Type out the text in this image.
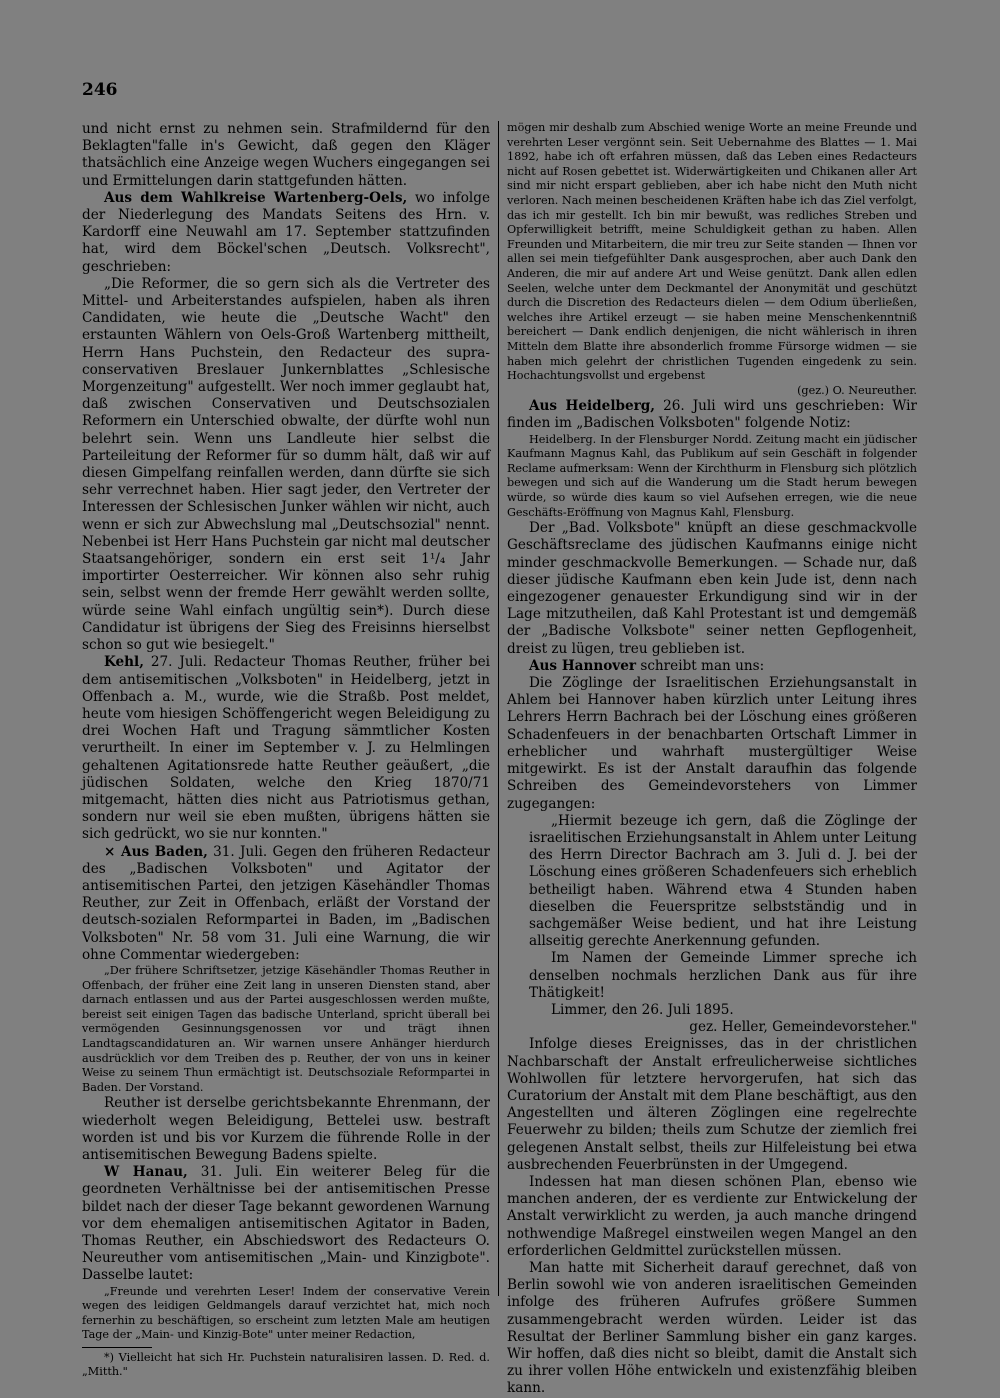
246

und nicht ernst zu nehmen sein. Strafmildernd für den Beklagten"falle in's Gewicht, daß gegen den Kläger thatsächlich eine Anzeige wegen Wuchers eingegangen sei und Ermittelungen darin stattgefunden hätten.

Aus dem Wahlkreise Wartenberg-Oels, wo infolge der Niederlegung des Mandats Seitens des Hrn. v. Kardorff eine Neuwahl am 17. September stattzufinden hat, wird dem Böckel'schen „Deutsch. Volksrecht", geschrieben:

„Die Reformer, die so gern sich als die Vertreter des Mittel- und Arbeiterstandes aufspielen, haben als ihren Candidaten, wie heute die „Deutsche Wacht" den erstaunten Wählern von Oels-Groß Wartenberg mittheilt, Herrn Hans Puchstein, den Redacteur des supra-conservativen Breslauer Junkernblattes „Schlesische Morgenzeitung" aufgestellt. Wer noch immer geglaubt hat, daß zwischen Conservativen und Deutschsozialen Reformern ein Unterschied obwalte, der dürfte wohl nun belehrt sein. Wenn uns Landleute hier selbst die Parteileitung der Reformer für so dumm hält, daß wir auf diesen Gimpelfang reinfallen werden, dann dürfte sie sich sehr verrechnet haben. Hier sagt jeder, den Vertreter der Interessen der Schlesischen Junker wählen wir nicht, auch wenn er sich zur Abwechslung mal „Deutschsozial" nennt. Nebenbei ist Herr Hans Puchstein gar nicht mal deutscher Staatsangehöriger, sondern ein erst seit 1¹/₄ Jahr importirter Oesterreicher. Wir können also sehr ruhig sein, selbst wenn der fremde Herr gewählt werden sollte, würde seine Wahl einfach ungültig sein*). Durch diese Candidatur ist übrigens der Sieg des Freisinns hierselbst schon so gut wie besiegelt."

Kehl, 27. Juli. Redacteur Thomas Reuther, früher bei dem antisemitischen „Volksboten" in Heidelberg, jetzt in Offenbach a. M., wurde, wie die Straßb. Post meldet, heute vom hiesigen Schöffengericht wegen Beleidigung zu drei Wochen Haft und Tragung sämmtlicher Kosten verurtheilt. In einer im September v. J. zu Helmlingen gehaltenen Agitationsrede hatte Reuther geäußert, „die jüdischen Soldaten, welche den Krieg 1870/71 mitgemacht, hätten dies nicht aus Patriotismus gethan, sondern nur weil sie eben mußten, übrigens hätten sie sich gedrückt, wo sie nur konnten."

× Aus Baden, 31. Juli. Gegen den früheren Redacteur des „Badischen Volksboten" und Agitator der antisemitischen Partei, den jetzigen Käsehändler Thomas Reuther, zur Zeit in Offenbach, erläßt der Vorstand der deutsch-sozialen Reformpartei in Baden, im „Badischen Volksboten" Nr. 58 vom 31. Juli eine Warnung, die wir ohne Commentar wiedergeben:

„Der frühere Schriftsetzer, jetzige Käsehändler Thomas Reuther in Offenbach, der früher eine Zeit lang in unseren Diensten stand, aber darnach entlassen und aus der Partei ausgeschlossen werden mußte, bereist seit einigen Tagen das badische Unterland, spricht überall bei vermögenden Gesinnungsgenossen vor und trägt ihnen Landtagscandidaturen an. Wir warnen unsere Anhänger hierdurch ausdrücklich vor dem Treiben des p. Reuther, der von uns in keiner Weise zu seinem Thun ermächtigt ist. Deutschsoziale Reformpartei in Baden. Der Vorstand.

Reuther ist derselbe gerichtsbekannte Ehrenmann, der wiederholt wegen Beleidigung, Bettelei usw. bestraft worden ist und bis vor Kurzem die führende Rolle in der antisemitischen Bewegung Badens spielte.

W Hanau, 31. Juli. Ein weiterer Beleg für die geordneten Verhältnisse bei der antisemitischen Presse bildet nach der dieser Tage bekannt gewordenen Warnung vor dem ehemaligen antisemitischen Agitator in Baden, Thomas Reuther, ein Abschiedswort des Redacteurs O. Neureuther vom antisemitischen „Main- und Kinzigbote". Dasselbe lautet:

„Freunde und verehrten Leser! Indem der conservative Verein wegen des leidigen Geldmangels darauf verzichtet hat, mich noch fernerhin zu beschäftigen, so erscheint zum letzten Male am heutigen Tage der „Main- und Kinzig-Bote" unter meiner Redaction,

*) Vielleicht hat sich Hr. Puchstein naturalisiren lassen. D. Red. d. „Mitth."

mögen mir deshalb zum Abschied wenige Worte an meine Freunde und verehrten Leser vergönnt sein. Seit Uebernahme des Blattes — 1. Mai 1892, habe ich oft erfahren müssen, daß das Leben eines Redacteurs nicht auf Rosen gebettet ist. Widerwärtigkeiten und Chikanen aller Art sind mir nicht erspart geblieben, aber ich habe nicht den Muth nicht verloren. Nach meinen bescheidenen Kräften habe ich das Ziel verfolgt, das ich mir gestellt. Ich bin mir bewußt, was redliches Streben und Opferwilligkeit betrifft, meine Schuldigkeit gethan zu haben. Allen Freunden und Mitarbeitern, die mir treu zur Seite standen — Ihnen vor allen sei mein tiefgefühlter Dank ausgesprochen, aber auch Dank den Anderen, die mir auf andere Art und Weise genützt. Dank allen edlen Seelen, welche unter dem Deckmantel der Anonymität und geschützt durch die Discretion des Redacteurs dielen — dem Odium überließen, welches ihre Artikel erzeugt — sie haben meine Menschenkenntniß bereichert — Dank endlich denjenigen, die nicht wählerisch in ihren Mitteln dem Blatte ihre absonderlich fromme Fürsorge widmen — sie haben mich gelehrt der christlichen Tugenden eingedenk zu sein. Hochachtungsvollst und ergebenst

(gez.) O. Neureuther.

Aus Heidelberg, 26. Juli wird uns geschrieben: Wir finden im „Badischen Volksboten" folgende Notiz:

Heidelberg. In der Flensburger Nordd. Zeitung macht ein jüdischer Kaufmann Magnus Kahl, das Publikum auf sein Geschäft in folgender Reclame aufmerksam: Wenn der Kirchthurm in Flensburg sich plötzlich bewegen und sich auf die Wanderung um die Stadt herum bewegen würde, so würde dies kaum so viel Aufsehen erregen, wie die neue Geschäfts-Eröffnung von Magnus Kahl, Flensburg.

Der „Bad. Volksbote" knüpft an diese geschmackvolle Geschäftsreclame des jüdischen Kaufmanns einige nicht minder geschmackvolle Bemerkungen. — Schade nur, daß dieser jüdische Kaufmann eben kein Jude ist, denn nach eingezogener genauester Erkundigung sind wir in der Lage mitzutheilen, daß Kahl Protestant ist und demgemäß der „Badische Volksbote" seiner netten Gepflogenheit, dreist zu lügen, treu geblieben ist.

Aus Hannover schreibt man uns:

Die Zöglinge der Israelitischen Erziehungsanstalt in Ahlem bei Hannover haben kürzlich unter Leitung ihres Lehrers Herrn Bachrach bei der Löschung eines größeren Schadenfeuers in der benachbarten Ortschaft Limmer in erheblicher und wahrhaft mustergültiger Weise mitgewirkt. Es ist der Anstalt daraufhin das folgende Schreiben des Gemeindevorstehers von Limmer zugegangen:

„Hiermit bezeuge ich gern, daß die Zöglinge der israelitischen Erziehungsanstalt in Ahlem unter Leitung des Herrn Director Bachrach am 3. Juli d. J. bei der Löschung eines größeren Schadenfeuers sich erheblich betheiligt haben. Während etwa 4 Stunden haben dieselben die Feuerspritze selbstständig und in sachgemäßer Weise bedient, und hat ihre Leistung allseitig gerechte Anerkennung gefunden.

Im Namen der Gemeinde Limmer spreche ich denselben nochmals herzlichen Dank aus für ihre Thätigkeit!

Limmer, den 26. Juli 1895.

gez. Heller, Gemeindevorsteher."

Infolge dieses Ereignisses, das in der christlichen Nachbarschaft der Anstalt erfreulicherweise sichtliches Wohlwollen für letztere hervorgerufen, hat sich das Curatorium der Anstalt mit dem Plane beschäftigt, aus den Angestellten und älteren Zöglingen eine regelrechte Feuerwehr zu bilden; theils zum Schutze der ziemlich frei gelegenen Anstalt selbst, theils zur Hilfeleistung bei etwa ausbrechenden Feuerbrünsten in der Umgegend.

Indessen hat man diesen schönen Plan, ebenso wie manchen anderen, der es verdiente zur Entwickelung der Anstalt verwirklicht zu werden, ja auch manche dringend nothwendige Maßregel einstweilen wegen Mangel an den erforderlichen Geldmittel zurückstellen müssen.

Man hatte mit Sicherheit darauf gerechnet, daß von Berlin sowohl wie von anderen israelitischen Gemeinden infolge des früheren Aufrufes größere Summen zusammengebracht werden würden. Leider ist das Resultat der Berliner Sammlung bisher ein ganz karges. Wir hoffen, daß dies nicht so bleibt, damit die Anstalt sich zu ihrer vollen Höhe entwickeln und existenzfähig bleiben kann.
